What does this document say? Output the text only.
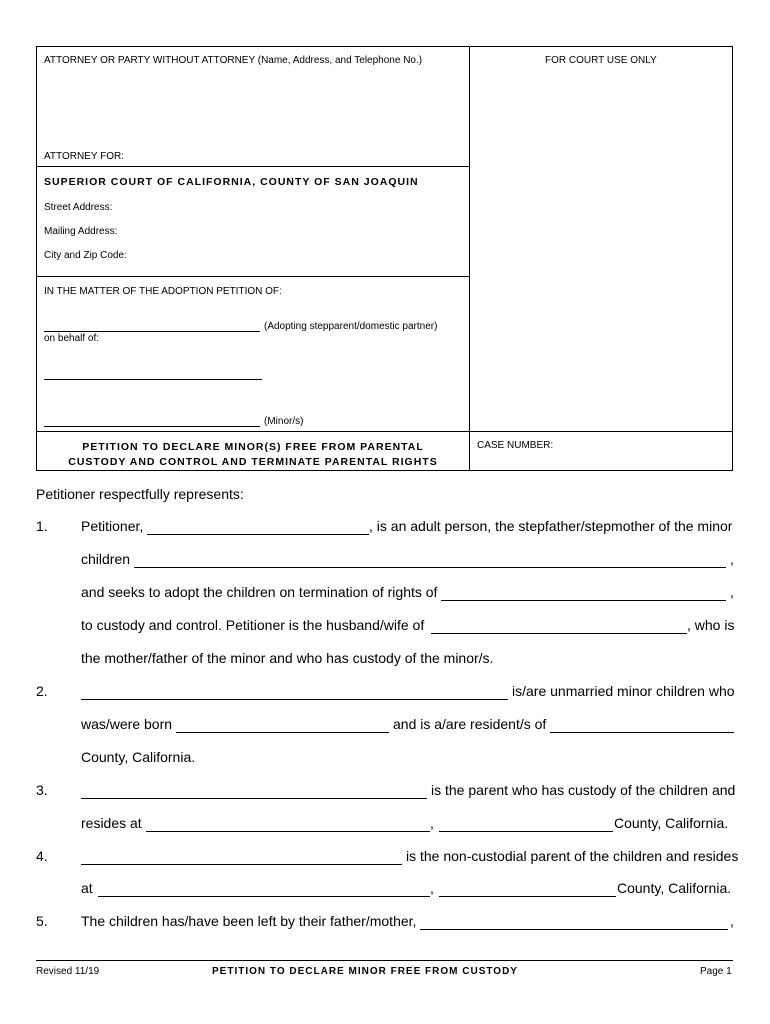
ATTORNEY OR PARTY WITHOUT ATTORNEY (Name, Address, and Telephone No.)	FOR COURT USE ONLY
ATTORNEY FOR:
SUPERIOR COURT OF CALIFORNIA, COUNTY OF SAN JOAQUIN
Street Address:
Mailing Address:
City and Zip Code:
IN THE MATTER OF THE ADOPTION PETITION OF:
(Adopting stepparent/domestic partner)
on behalf of:
(Minor/s)
PETITION TO DECLARE MINOR(S) FREE FROM PARENTAL
CUSTODY AND CONTROL AND TERMINATE PARENTAL RIGHTS
CASE NUMBER:
Petitioner respectfully represents:
1. Petitioner,	, is an adult person, the stepfather/stepmother of the minor
children	,
and seeks to adopt the children on termination of rights of	,
to custody and control. Petitioner is the husband/wife of	, who is
the mother/father of the minor and who has custody of the minor/s.
2.	is/are unmarried minor children who
was/were born	and is a/are resident/s of
County, California.
3.	is the parent who has custody of the children and
resides at	,	County, California.
4.	is the non-custodial parent of the children and resides
at	,	County, California.
5. The children has/have been left by their father/mother,	,
Revised 11/19	PETITION TO DECLARE MINOR FREE FROM CUSTODY	Page 1
